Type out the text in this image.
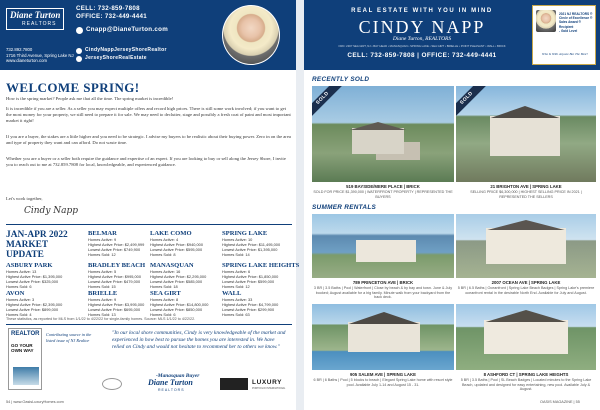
Diane Turton
REALTORS
732.892.7800
1716 Third Avenue, Spring Lake NJ
www.dianeturton.com
CELL: 732-859-7808
OFFICE: 732-449-4441
Cnapp@DianeTurton.com
CindyNappJerseyShoreRealtor
JerseyShoreRealEstate
REAL ESTATE WITH YOU IN MIND
CINDY NAPP
Diane Turton, REALTORS
ORC: 2307 SEA GIRT, NJ • BAY HEAD • MANASQUAN • SPRING LAKE • SEA GIRT • BRIELLE • POINT PLEASANT • WALL • BRICK
CELL: 732-859-7808 | OFFICE: 732-449-4441
2021 NJ REALTORS ®
Circle of Excellence ®
Sales Award ® Recipient
- Gold Level
Who Is With Anyone But The Best?
WELCOME SPRING!
How is the spring market? People ask me that all the time. The spring market is incredible!
It is incredible if you are a seller. As a seller you may expect multiple offers and record high prices. There is still some work involved; if you want to get the most money for your property, we still need to prepare it for sale. We may need to declutter, stage and possibly a fresh coat of paint and most important market it right!
If you are a buyer, the stakes are a little higher and you need to be strategic. I advise my buyers to be realistic about their buying power. Zero in on the area and type of property they want and can afford. Do not waste time.
Whether you are a buyer or a seller both require the guidance and expertise of an expert. If you are looking to buy or sell along the Jersey Shore, I invite you to reach out to me at 732.859.7808 for local, knowledgeable, and experienced guidance.
Let's work together,
Cindy Napp
JAN-APR 2022
MARKET
UPDATE
BELMAR
Homes Active: 9
Highest Active Price: $2,499,999
Lowest Active Price: $749,900
Homes Sold: 12
LAKE COMO
Homes Active: 4
Highest Active Price: $940,000
Lowest Active Price: $595,000
Homes Sold: 8
SPRING LAKE
Homes Active: 10
Highest Active Price: $11,495,000
Lowest Active Price: $1,395,000
Homes Sold: 14
ASBURY PARK
Homes Active: 13
Highest Active Price: $1,395,000
Lowest Active Price: $325,000
Homes Sold: 6
BRADLEY BEACH
Homes Active: 5
Highest Active Price: $995,000
Lowest Active Price: $479,000
Homes Sold: 15
MANASQUAN
Homes Active: 16
Highest Active Price: $2,295,000
Lowest Active Price: $585,000
Homes Sold: 18
SPRING LAKE HEIGHTS
Homes Active: 6
Highest Active Price: $1,850,000
Lowest Active Price: $599,000
Homes Sold: 12
AVON
Homes Active: 3
Highest Active Price: $2,395,000
Lowest Active Price: $899,000
Homes Sold: 4
BRIELLE
Homes Active: 9
Highest Active Price: $3,995,000
Lowest Active Price: $695,000
Homes Sold: 13
SEA GIRT
Homes Active: 8
Highest Active Price: $14,800,000
Lowest Active Price: $850,000
Homes Sold: 6
WALL
Homes Active: 33
Highest Active Price: $4,799,000
Lowest Active Price: $299,900
Homes Sold: 63
These statistics, as reported for MLS from 1/1/22 to 4/22/22 for single-family homes. Source: MLS 1/1/22 to 4/22/22.
REALTOR
GO YOUR OWN WAY
Contributing source in the listed issue of NJ Realtor
"In our local shore communities, Cindy is very knowledgeable of the market and experienced in how best to pursue the homes you are interested in. We have relied on Cindy and would not hesitate to recommend her to others we know."
-Manasquan Buyer
Diane Turton
REALTORS
LUXURY
PORTFOLIO INTERNATIONAL
54 | www.OasisLuxuryHomes.com
RECENTLY SOLD
SOLD	SOLD
519 BAYSIDE/MERE PLACE | BRICK
SOLD FOR PRICE $1,390,000 | WATERFRONT PROPERTY | REPRESENTED THE BUYERS
21 BRIGHTON AVE | SPRING LAKE
SELLING PRICE $6,300,000 | HIGHEST SELLING PRICE IN 2021 | REPRESENTED THE SELLERS
SUMMER RENTALS
789 PRINCETON AVE | BRICK
3 BR | 3.5 Baths | Pool | Waterfront | Close by beach & by bay and town. June & July booked; August available for a big family. Minute walk from your backyard from the back deck.
2007 OCEAN AVE | SPRING LAKE
5 BR | 6.5 Baths | Oceanfront | Spring Lake Beach Badges | Spring Lake's premiere oceanfront rental in the desirable North End. Available for July and August.
905 SALEM AVE | SPRING LAKE
6 BR | 6 Baths | Pool | 5 blocks to beach | Elegant Spring Lake home with resort style pool. Available July 1-14 and August 15 - 31.
8 ASHFORD CT | SPRING LAKE HEIGHTS
5 BR | 3.5 Baths | Pool | SL Beach Badges | Located minutes to the Spring Lake Beach, updated and designed for easy entertaining, new pool. Available July & August.
OASIS MAGAZINE | 55
